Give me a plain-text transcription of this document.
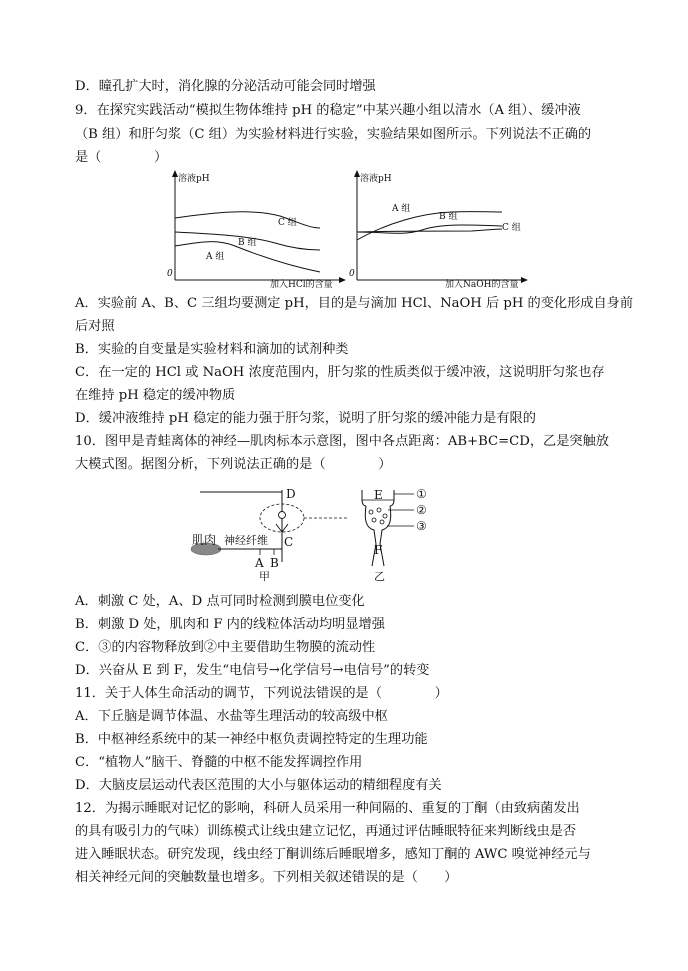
D．瞳孔扩大时，消化腺的分泌活动可能会同时增强
9．在探究实践活动“模拟生物体维持 pH 的稳定”中某兴趣小组以清水（A 组）、缓冲液
（B 组）和肝匀浆（C 组）为实验材料进行实验，实验结果如图所示。下列说法不正确的
是（　　　　）
溶液pH
加入HCl的含量
0
C 组
B 组
A 组
溶液pH
加入NaOH的含量
0
A 组
B 组
C 组
A．实验前 A、B、C 三组均要测定 pH，目的是与滴加 HCl、NaOH 后 pH 的变化形成自身前
后对照
B．实验的自变量是实验材料和滴加的试剂种类
C．在一定的 HCl 或 NaOH 浓度范围内，肝匀浆的性质类似于缓冲液，这说明肝匀浆也存
在维持 pH 稳定的缓冲物质
D．缓冲液维持 pH 稳定的能力强于肝匀浆，说明了肝匀浆的缓冲能力是有限的
10．图甲是青蛙离体的神经—肌肉标本示意图，图中各点距离：AB+BC=CD，乙是突触放
大模式图。据图分析，下列说法正确的是（　　　　）
D
肌肉 神经纤维 C
A B
甲
E
F
①
②
③
乙
A．刺激 C 处，A、D 点可同时检测到膜电位变化
B．刺激 D 处，肌肉和 F 内的线粒体活动均明显增强
C．③的内容物释放到②中主要借助生物膜的流动性
D．兴奋从 E 到 F，发生“电信号→化学信号→电信号”的转变
11．关于人体生命活动的调节，下列说法错误的是（　　　　）
A．下丘脑是调节体温、水盐等生理活动的较高级中枢
B．中枢神经系统中的某一神经中枢负责调控特定的生理功能
C．“植物人”脑干、脊髓的中枢不能发挥调控作用
D．大脑皮层运动代表区范围的大小与躯体运动的精细程度有关
12．为揭示睡眠对记忆的影响，科研人员采用一种间隔的、重复的丁酮（由致病菌发出
的具有吸引力的气味）训练模式让线虫建立记忆，再通过评估睡眠特征来判断线虫是否
进入睡眠状态。研究发现，线虫经丁酮训练后睡眠增多，感知丁酮的 AWC 嗅觉神经元与
相关神经元间的突触数量也增多。下列相关叙述错误的是（　　）
